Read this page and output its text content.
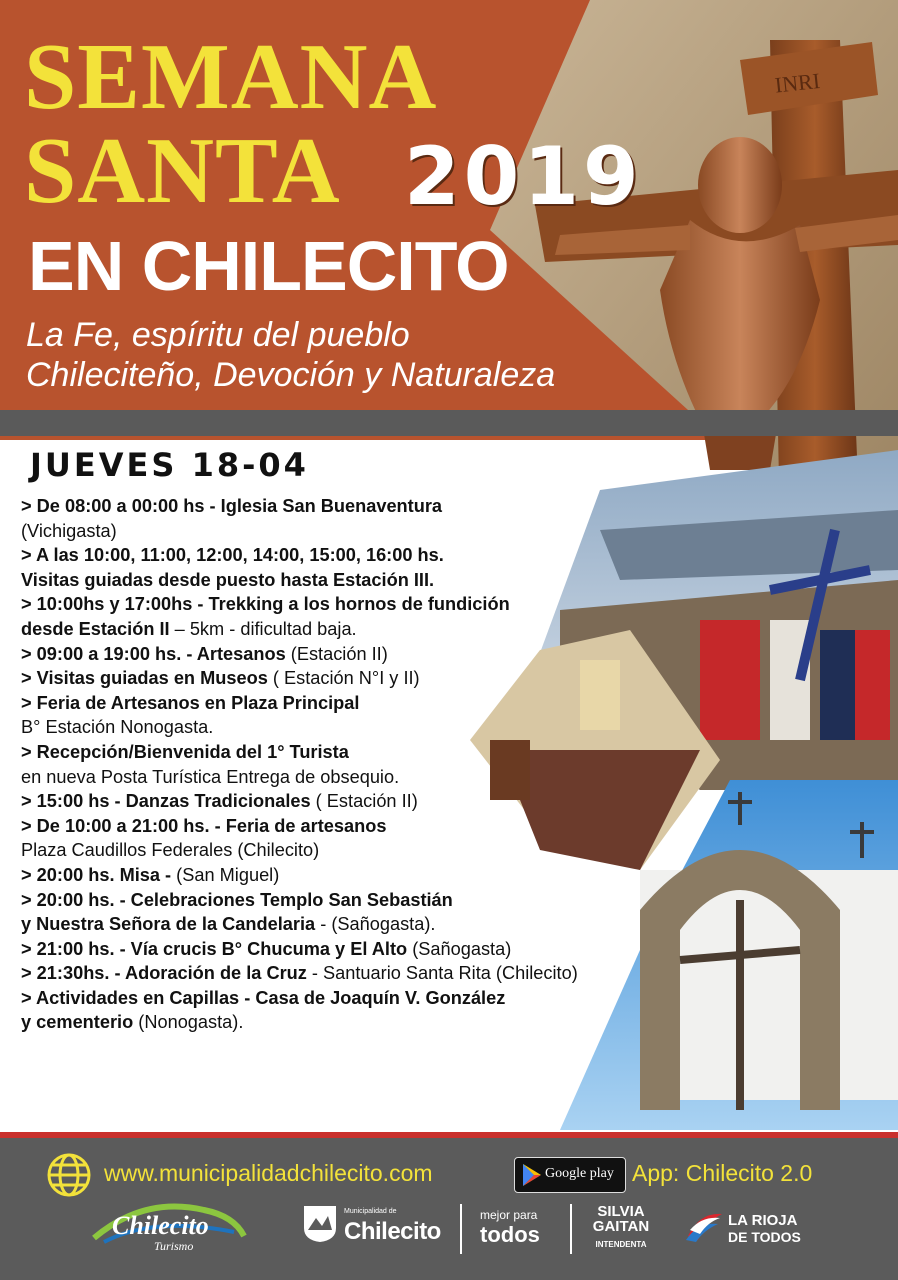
INRI
SEMANA
SANTA 2019
EN CHILECITO
La Fe, espíritu del pueblo
Chileciteño, Devoción y Naturaleza
JUEVES 18-04
> De 08:00 a 00:00 hs - Iglesia San Buenaventura
(Vichigasta)
> A las 10:00, 11:00, 12:00, 14:00, 15:00, 16:00 hs.
Visitas guiadas desde puesto hasta Estación III.
> 10:00hs y 17:00hs - Trekking a los hornos de fundición
desde Estación II – 5km - dificultad baja.
> 09:00 a 19:00 hs. - Artesanos (Estación II)
> Visitas guiadas en Museos ( Estación N°I y II)
> Feria de Artesanos en Plaza Principal
B° Estación Nonogasta.
> Recepción/Bienvenida del 1° Turista
en nueva Posta Turística Entrega de obsequio.
> 15:00 hs - Danzas Tradicionales ( Estación II)
> De 10:00 a 21:00 hs. - Feria de artesanos
Plaza Caudillos Federales (Chilecito)
> 20:00 hs. Misa - (San Miguel)
> 20:00 hs. - Celebraciones Templo San Sebastián
y Nuestra Señora de la Candelaria - (Sañogasta).
> 21:00 hs. - Vía crucis B° Chucuma y El Alto (Sañogasta)
> 21:30hs. - Adoración de la Cruz - Santuario Santa Rita (Chilecito)
> Actividades en Capillas - Casa de Joaquín V. González
y cementerio (Nonogasta).
www.municipalidadchilecito.com	Google play App: Chilecito 2.0
Chilecito
Turismo
Municipalidad de
Chilecito
mejor para
todos
SILVIA
GAITAN
INTENDENTA
LA RIOJA
DE TODOS
